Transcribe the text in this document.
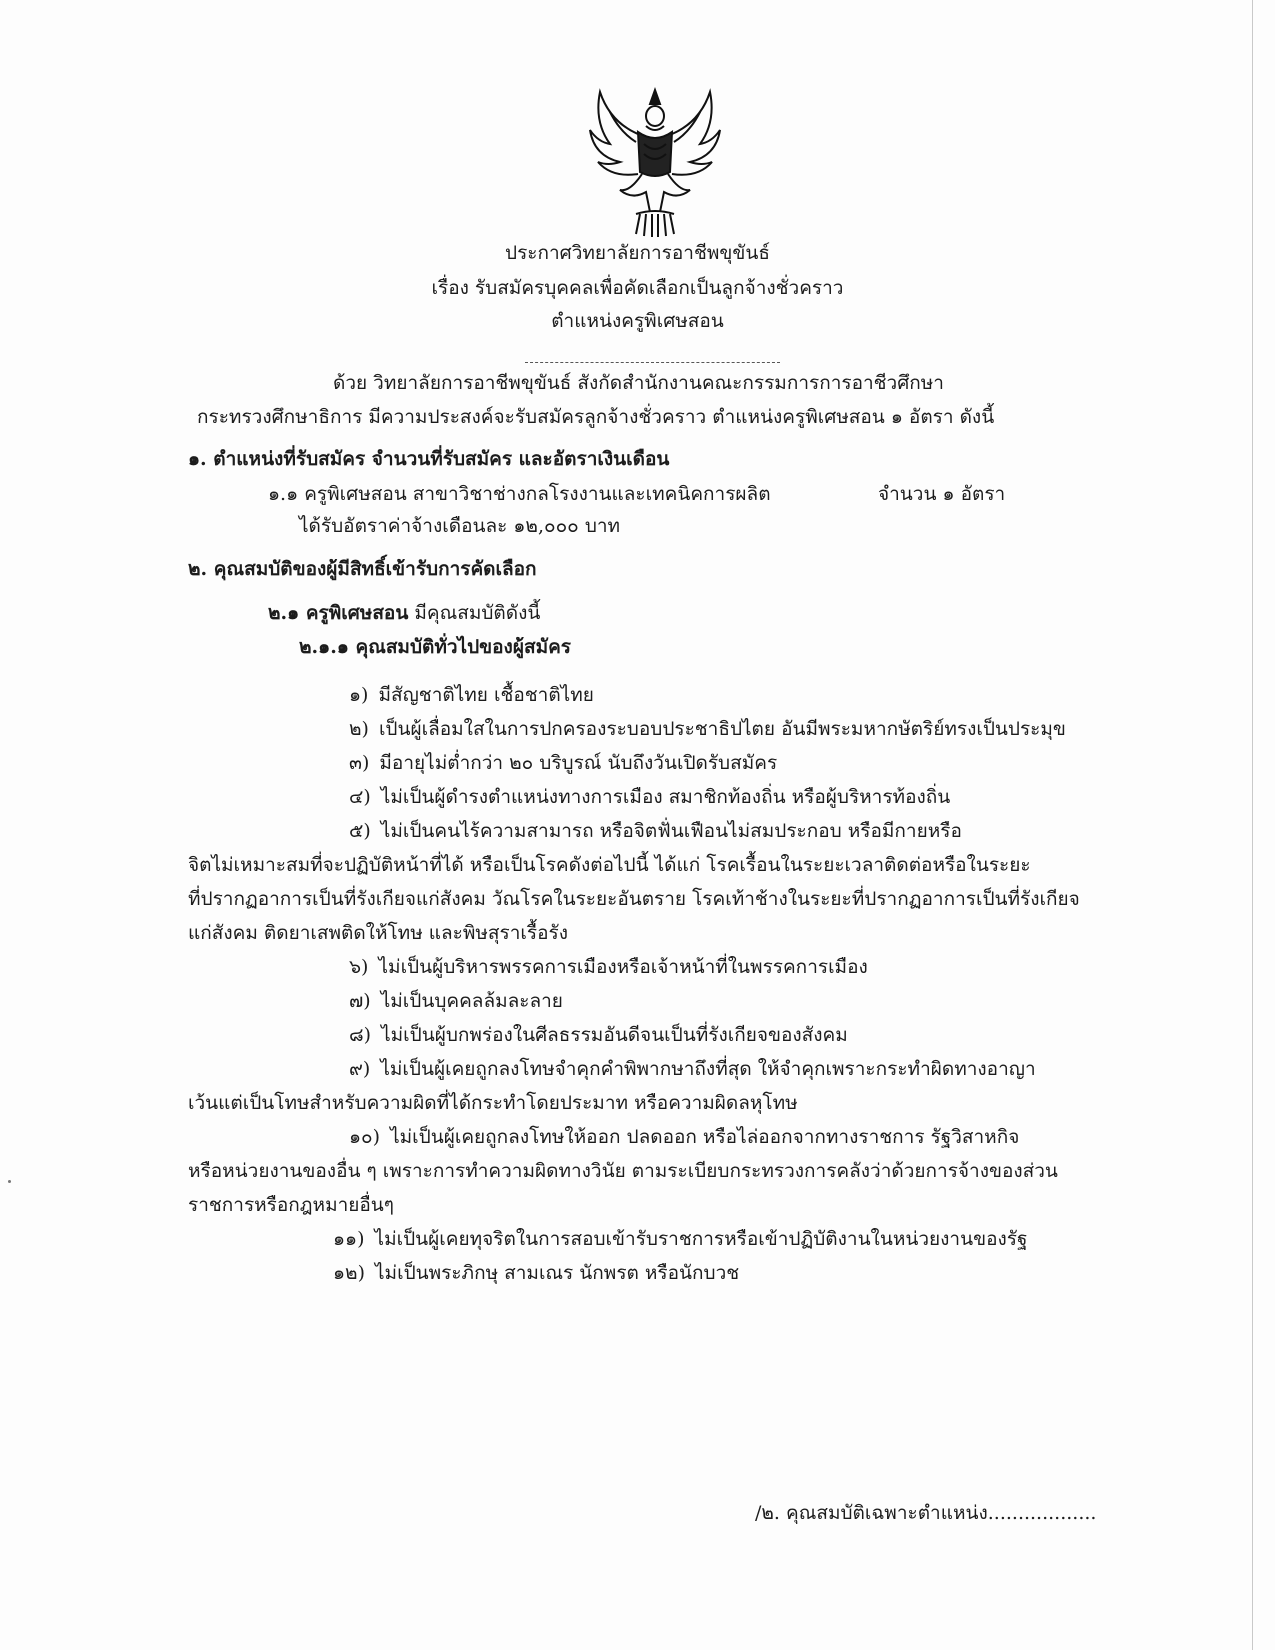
ประกาศวิทยาลัยการอาชีพขุขันธ์
เรื่อง รับสมัครบุคคลเพื่อคัดเลือกเป็นลูกจ้างชั่วคราว
ตำแหน่งครูพิเศษสอน
ด้วย วิทยาลัยการอาชีพขุขันธ์ สังกัดสำนักงานคณะกรรมการการอาชีวศึกษา
กระทรวงศึกษาธิการ มีความประสงค์จะรับสมัครลูกจ้างชั่วคราว ตำแหน่งครูพิเศษสอน ๑ อัตรา ดังนี้
๑. ตำแหน่งที่รับสมัคร จำนวนที่รับสมัคร และอัตราเงินเดือน
๑.๑ ครูพิเศษสอน สาขาวิชาช่างกลโรงงานและเทคนิคการผลิต	จำนวน ๑ อัตรา
ได้รับอัตราค่าจ้างเดือนละ ๑๒,๐๐๐ บาท
๒. คุณสมบัติของผู้มีสิทธิ์เข้ารับการคัดเลือก
๒.๑ ครูพิเศษสอน มีคุณสมบัติดังนี้
๒.๑.๑ คุณสมบัติทั่วไปของผู้สมัคร
๑) มีสัญชาติไทย เชื้อชาติไทย
๒) เป็นผู้เลื่อมใสในการปกครองระบอบประชาธิปไตย อันมีพระมหากษัตริย์ทรงเป็นประมุข
๓) มีอายุไม่ต่ำกว่า ๒๐ บริบูรณ์ นับถึงวันเปิดรับสมัคร
๔) ไม่เป็นผู้ดำรงตำแหน่งทางการเมือง สมาชิกท้องถิ่น หรือผู้บริหารท้องถิ่น
๕) ไม่เป็นคนไร้ความสามารถ หรือจิตฟั่นเฟือนไม่สมประกอบ หรือมีกายหรือ
จิตไม่เหมาะสมที่จะปฏิบัติหน้าที่ได้ หรือเป็นโรคดังต่อไปนี้ ได้แก่ โรคเรื้อนในระยะเวลาติดต่อหรือในระยะ
ที่ปรากฏอาการเป็นที่รังเกียจแก่สังคม วัณโรคในระยะอันตราย โรคเท้าช้างในระยะที่ปรากฏอาการเป็นที่รังเกียจ
แก่สังคม ติดยาเสพติดให้โทษ และพิษสุราเรื้อรัง
๖) ไม่เป็นผู้บริหารพรรคการเมืองหรือเจ้าหน้าที่ในพรรคการเมือง
๗) ไม่เป็นบุคคลล้มละลาย
๘) ไม่เป็นผู้บกพร่องในศีลธรรมอันดีจนเป็นที่รังเกียจของสังคม
๙) ไม่เป็นผู้เคยถูกลงโทษจำคุกคำพิพากษาถึงที่สุด ให้จำคุกเพราะกระทำผิดทางอาญา
เว้นแต่เป็นโทษสำหรับความผิดที่ได้กระทำโดยประมาท หรือความผิดลหุโทษ
๑๐) ไม่เป็นผู้เคยถูกลงโทษให้ออก ปลดออก หรือไล่ออกจากทางราชการ รัฐวิสาหกิจ
หรือหน่วยงานของอื่น ๆ เพราะการทำความผิดทางวินัย ตามระเบียบกระทรวงการคลังว่าด้วยการจ้างของส่วน
ราชการหรือกฎหมายอื่นๆ
๑๑) ไม่เป็นผู้เคยทุจริตในการสอบเข้ารับราชการหรือเข้าปฏิบัติงานในหน่วยงานของรัฐ
๑๒) ไม่เป็นพระภิกษุ สามเณร นักพรต หรือนักบวช
/๒. คุณสมบัติเฉพาะตำแหน่ง..................
